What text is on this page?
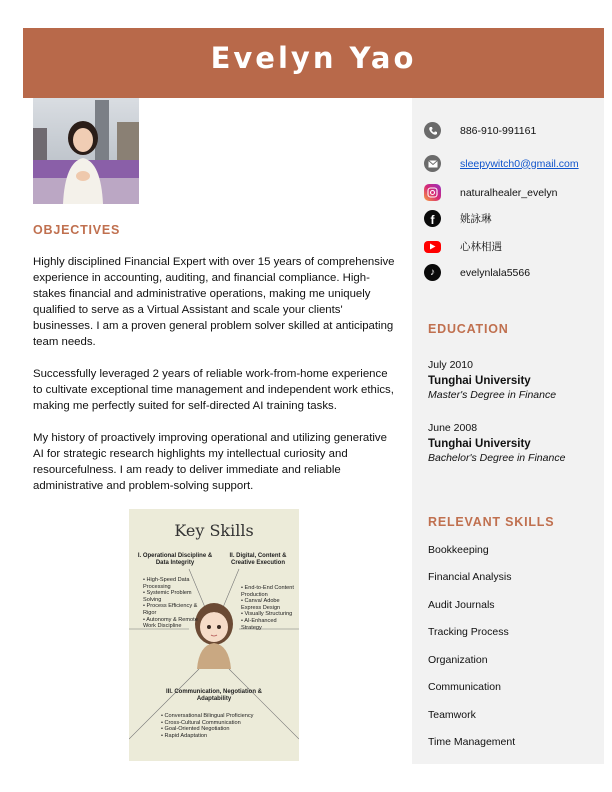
Evelyn Yao
OBJECTIVES

Highly disciplined Financial Expert with over 15 years of comprehensive experience in accounting, auditing, and financial compliance. High-stakes financial and administrative operations, making me uniquely qualified to serve as a Virtual Assistant and scale your clients' businesses. I am a proven general problem solver skilled at anticipating team needs.

Successfully leveraged 2 years of reliable work-from-home experience to cultivate exceptional time management and independent work ethics, making me perfectly suited for self-directed AI training tasks.

My history of proactively improving operational and utilizing generative AI for strategic research highlights my intellectual curiosity and resourcefulness. I am ready to deliver immediate and reliable administrative and problem-solving support.

Key Skills
I. Operational Discipline & Data Integrity
• High-Speed Data Processing
• Systemic Problem Solving
• Process Efficiency & Rigor
• Autonomy & Remote Work Discipline
II. Digital, Content & Creative Execution
• End-to-End Content Production
• Canva/ Adobe Express Design
• Visually Structuring
• AI-Enhanced Strategy
III. Communication, Negotiation & Adaptability
• Conversational Bilingual Proficiency
• Cross-Cultural Communication
• Goal-Oriented Negotiation
• Rapid Adaptation
886-910-991161
sleepywitch0@gmail.com
naturalhealer_evelyn
f 姚詠琳
心林相遇
♪ evelynlala5566
EDUCATION
July 2010
Tunghai University
Master's Degree in Finance
June 2008
Tunghai University
Bachelor's Degree in Finance
RELEVANT SKILLS
Bookkeeping
Financial Analysis
Audit Journals
Tracking Process
Organization
Communication
Teamwork
Time Management
